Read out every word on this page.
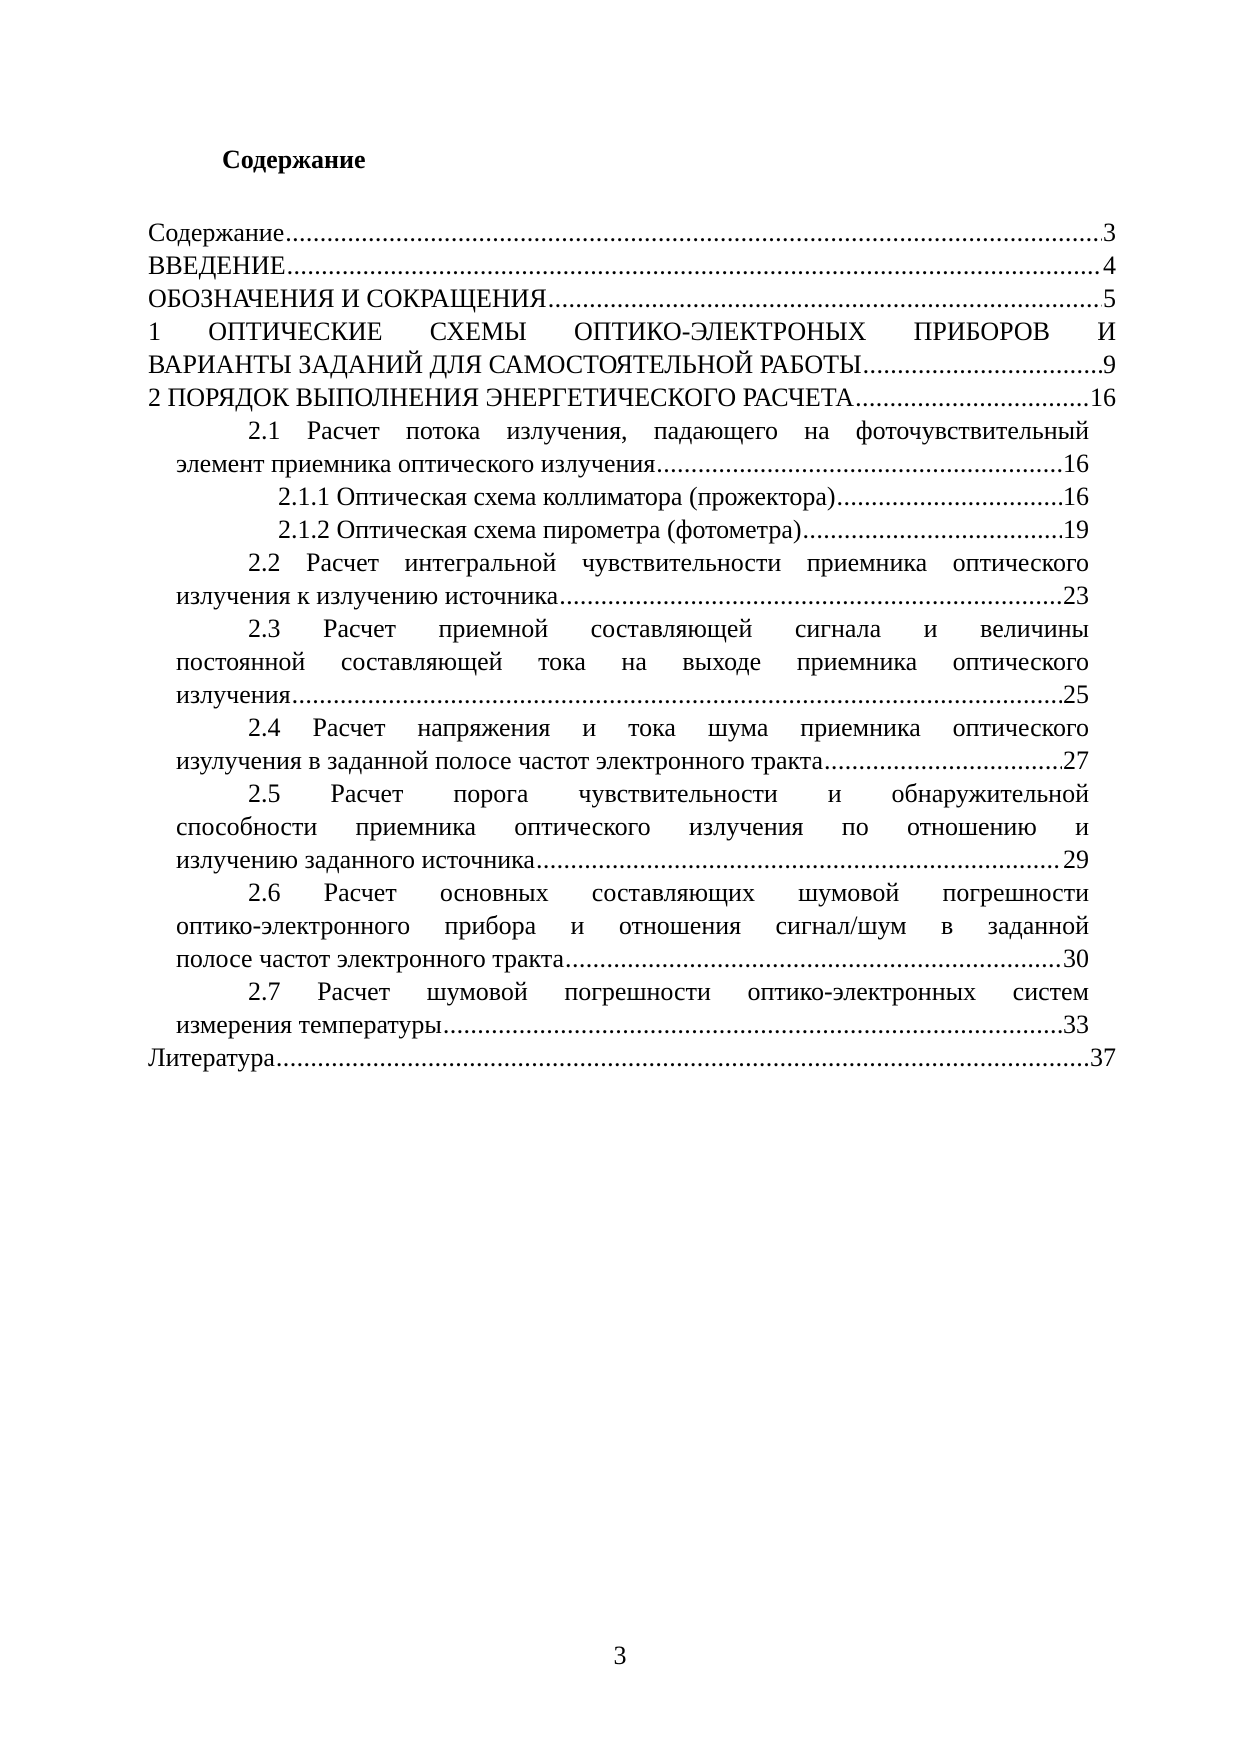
Содержание
Содержание .....	3
ВВЕДЕНИЕ .....	4
ОБОЗНАЧЕНИЯ И СОКРАЩЕНИЯ .....	5
1 ОПТИЧЕСКИЕ СХЕМЫ ОПТИКО-ЭЛЕКТРОНЫХ ПРИБОРОВ И
ВАРИАНТЫ ЗАДАНИЙ ДЛЯ САМОСТОЯТЕЛЬНОЙ РАБОТЫ .....	9
2 ПОРЯДОК ВЫПОЛНЕНИЯ ЭНЕРГЕТИЧЕСКОГО РАСЧЕТА .....	16
2.1 Расчет потока излучения, падающего на фоточувствительный
элемент приемника оптического излучения .....	16
2.1.1 Оптическая схема коллиматора (прожектора) .....	16
2.1.2 Оптическая схема пирометра (фотометра) .....	19
2.2 Расчет интегральной чувствительности приемника оптического
излучения к излучению источника .....	23
2.3 Расчет приемной составляющей сигнала и величины
постоянной составляющей тока на выходе приемника оптического
излучения .....	25
2.4 Расчет напряжения и тока шума приемника оптического
изулучения в заданной полосе частот электронного тракта .....	27
2.5 Расчет порога чувствительности и обнаружительной
способности приемника оптического излучения по отношению и
излучению заданного источника .....	29
2.6 Расчет основных составляющих шумовой погрешности
оптико-электронного прибора и отношения сигнал/шум в заданной
полосе частот электронного тракта .....	30
2.7 Расчет шумовой погрешности оптико-электронных систем
измерения температуры .....	33
Литература .....	37
3
